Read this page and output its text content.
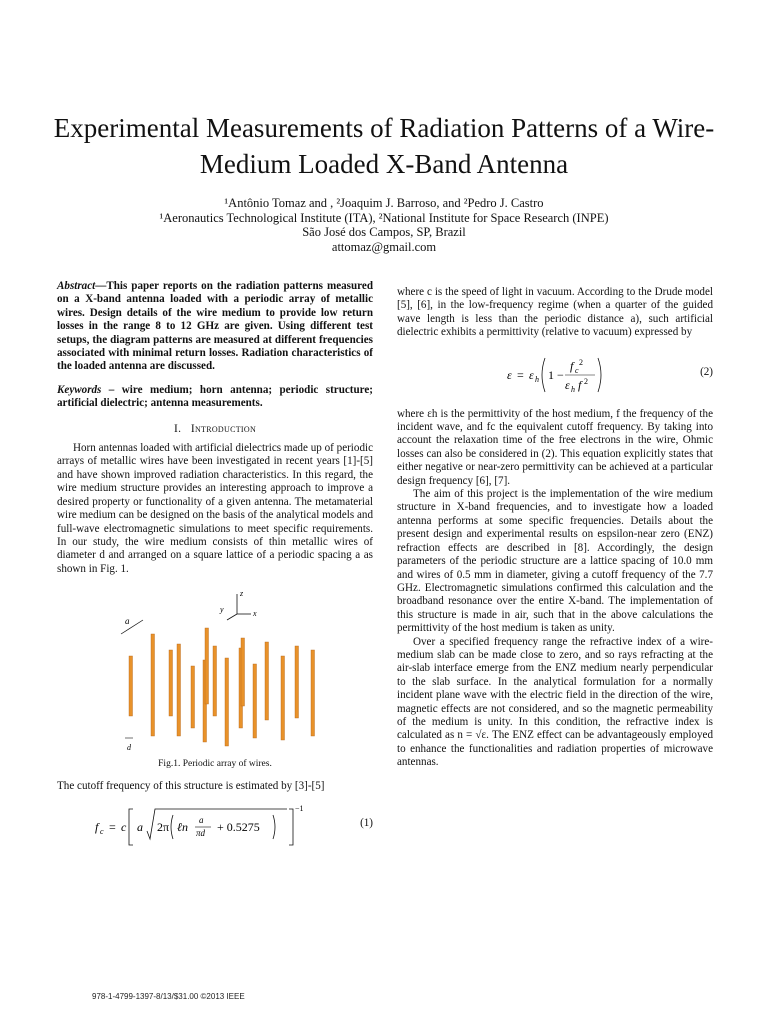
Experimental Measurements of Radiation Patterns of a Wire-Medium Loaded X-Band Antenna
¹Antônio Tomaz and , ²Joaquim J. Barroso, and ²Pedro J. Castro
¹Aeronautics Technological Institute (ITA), ²National Institute for Space Research (INPE)
São José dos Campos, SP, Brazil
attomaz@gmail.com

Abstract—This paper reports on the radiation patterns measured on a X-band antenna loaded with a periodic array of metallic wires. Design details of the wire medium to provide low return losses in the range 8 to 12 GHz are given. Using different test setups, the diagram patterns are measured at different frequencies associated with minimal return losses. Radiation characteristics of the loaded antenna are discussed.

Keywords – wire medium; horn antenna; periodic structure; artificial dielectric; antenna measurements.

I. Introduction

Horn antennas loaded with artificial dielectrics made up of periodic arrays of metallic wires have been investigated in recent years [1]-[5] and have shown improved radiation characteristics. In this regard, the wire medium structure provides an interesting approach to improve a desired property or functionality of a given antenna. The metamaterial wire medium can be designed on the basis of the analytical models and full-wave electromagnetic simulations to meet specific requirements. In our study, the wire medium consists of thin metallic wires of diameter d and arranged on a square lattice of a periodic spacing a as shown in Fig. 1.

z
x
y
a
d
Fig.1. Periodic array of wires.

The cutoff frequency of this structure is estimated by [3]-[5]

f c = c a 2π ℓn a
πd + 0.5275
−1
(1)

where c is the speed of light in vacuum. According to the Drude model [5], [6], in the low-frequency regime (when a quarter of the guided wave length is less than the periodic distance a), such artificial dielectric exhibits a permittivity (relative to vacuum) expressed by

ε = ε h 1 −
f c
2
ε h f 2
(2)

where εh is the permittivity of the host medium, f the frequency of the incident wave, and fc the equivalent cutoff frequency. By taking into account the relaxation time of the free electrons in the wire, Ohmic losses can also be considered in (2). This equation explicitly states that either negative or near-zero permittivity can be achieved at a particular design frequency [6], [7].

The aim of this project is the implementation of the wire medium structure in X-band frequencies, and to investigate how a loaded antenna performs at some specific frequencies. Details about the present design and experimental results on espsilon-near zero (ENZ) refraction effects are described in [8]. Accordingly, the design parameters of the periodic structure are a lattice spacing of 10.0 mm and wires of 0.5 mm in diameter, giving a cutoff frequency of the 7.7 GHz. Electromagnetic simulations confirmed this calculation and the broadband resonance over the entire X-band. The implementation of this structure is made in air, such that in the above calculations the permittivity of the host medium is taken as unity.

Over a specified frequency range the refractive index of a wire-medium slab can be made close to zero, and so rays refracting at the air-slab interface emerge from the ENZ medium nearly perpendicular to the slab surface. In the analytical formulation for a normally incident plane wave with the electric field in the direction of the wire, magnetic effects are not considered, and so the magnetic permeability of the medium is unity. In this condition, the refractive index is calculated as n = √ε. The ENZ effect can be advantageously employed to enhance the functionalities and radiation properties of microwave antennas.

978-1-4799-1397-8/13/$31.00 ©2013 IEEE
